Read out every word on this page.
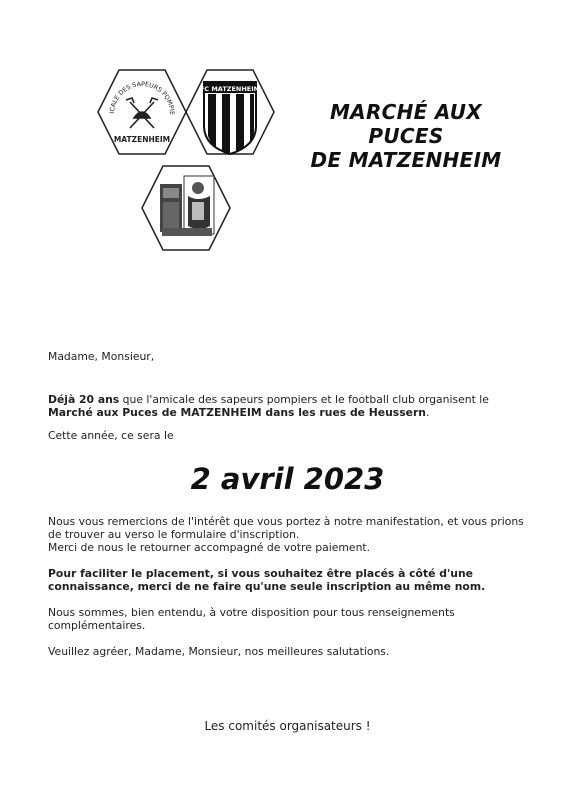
AMICALE DES SAPEURS POMPIERS
MATZENHEIM
FC MATZENHEIM
MARCHÉ AUX
PUCES
DE MATZENHEIM

Madame, Monsieur,

Déjà 20 ans que l'amicale des sapeurs pompiers et le football club organisent le Marché aux Puces de MATZENHEIM dans les rues de Heussern.

Cette année, ce sera le

2 avril 2023

Nous vous remercions de l'intérêt que vous portez à notre manifestation, et vous prions de trouver au verso le formulaire d'inscription.

Merci de nous le retourner accompagné de votre paiement.

Pour faciliter le placement, si vous souhaitez être placés à côté d'une connaissance, merci de ne faire qu'une seule inscription au même nom.

Nous sommes, bien entendu, à votre disposition pour tous renseignements complémentaires.

Veuillez agréer, Madame, Monsieur, nos meilleures salutations.

Les comités organisateurs !
